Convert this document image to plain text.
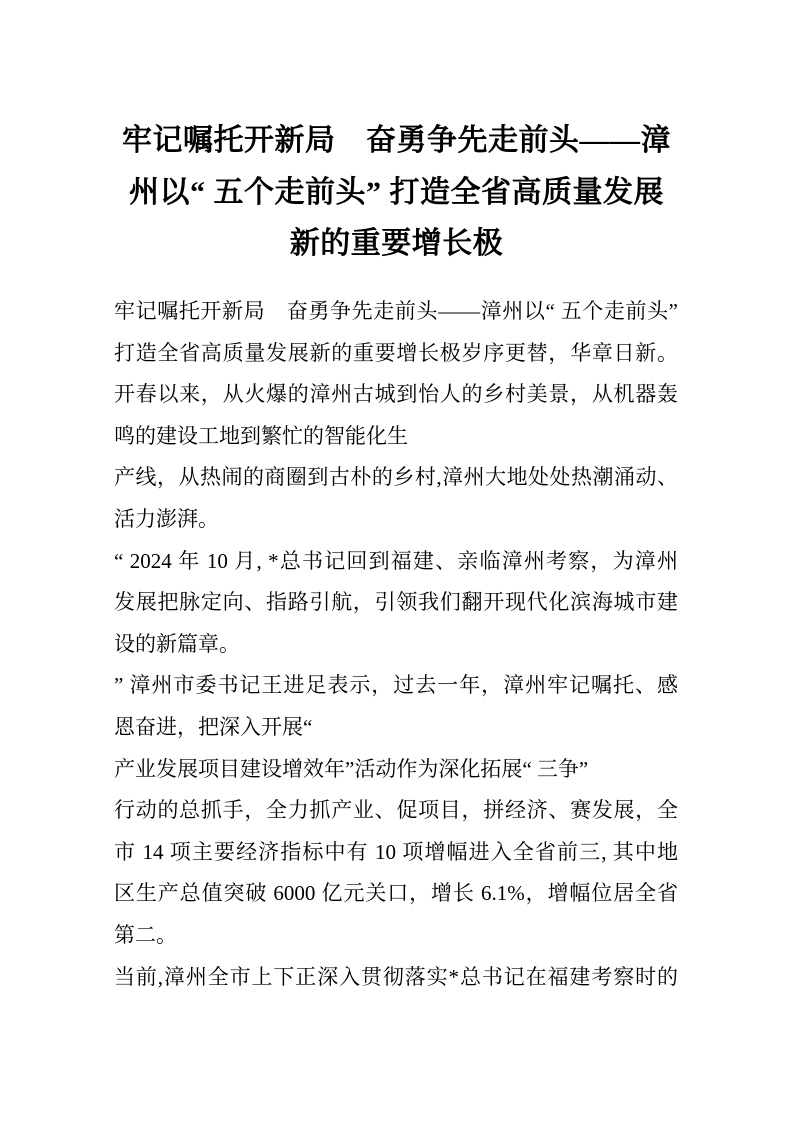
牢记嘱托开新局　奋勇争先走前头——漳
州以“ 五个走前头” 打造全省高质量发展
新的重要增长极
牢记嘱托开新局　奋勇争先走前头——漳州以“ 五个走前头”
打造全省高质量发展新的重要增长极岁序更替，华章日新。
开春以来，从火爆的漳州古城到怡人的乡村美景，从机器轰
鸣的建设工地到繁忙的智能化生
产线，从热闹的商圈到古朴的乡村,漳州大地处处热潮涌动、
活力澎湃。
“ 2024 年 10 月, *总书记回到福建、亲临漳州考察，为漳州
发展把脉定向、指路引航，引领我们翻开现代化滨海城市建
设的新篇章。
” 漳州市委书记王进足表示，过去一年，漳州牢记嘱托、感
恩奋进，把深入开展“
产业发展项目建设增效年”活动作为深化拓展“ 三争”
行动的总抓手，全力抓产业、促项目，拼经济、赛发展，全
市 14 项主要经济指标中有 10 项增幅进入全省前三, 其中地
区生产总值突破 6000 亿元关口，增长 6.1%，增幅位居全省
第二。
当前,漳州全市上下正深入贯彻落实*总书记在福建考察时的
